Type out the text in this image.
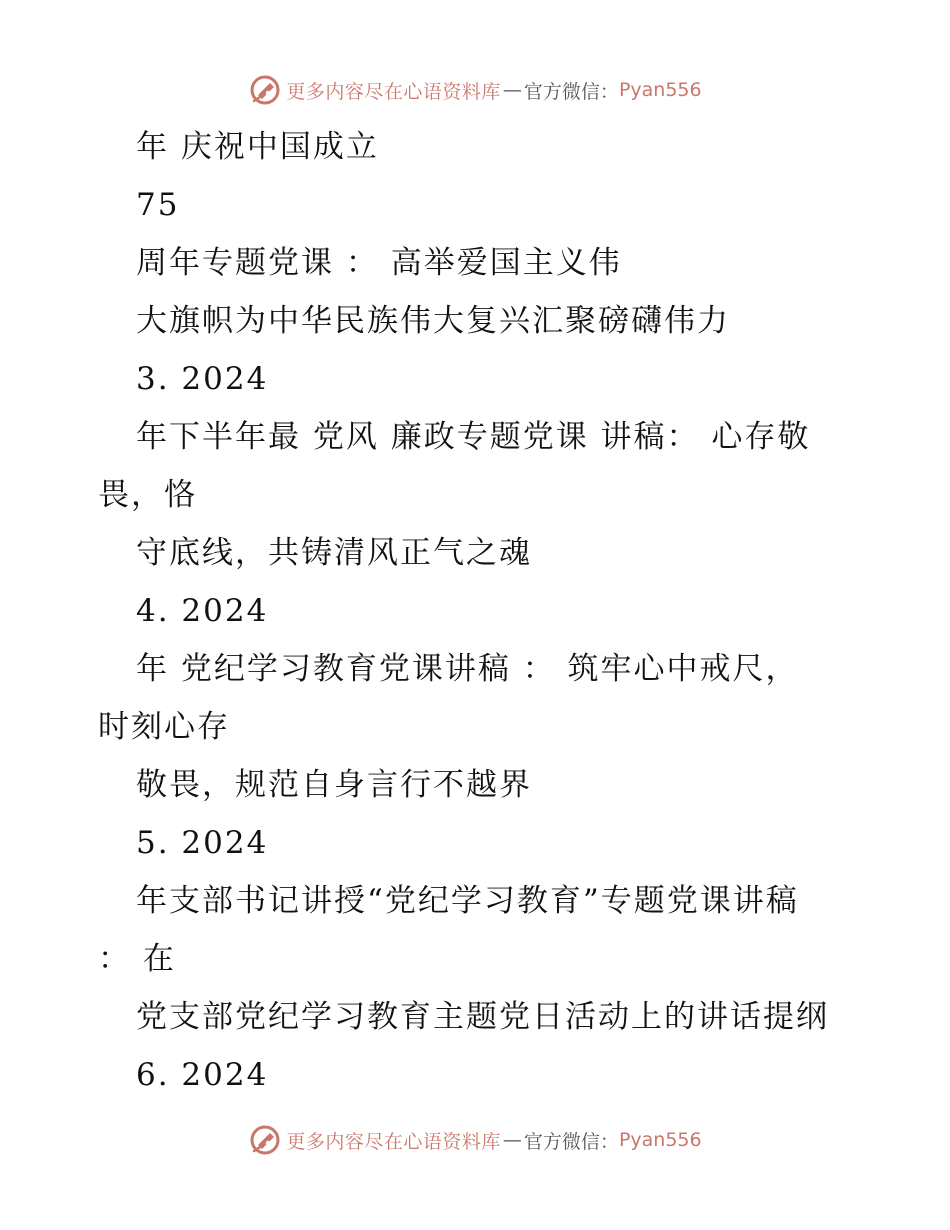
更多内容尽在心语资料库 — 官方微信： Pyan556
年 庆祝中国成立
75
周年专题党课 ： 高举爱国主义伟
大旗帜为中华民族伟大复兴汇聚磅礴伟力
3. 2024
年下半年最 党风 廉政专题党课 讲稿： 心存敬
畏，恪
守底线，共铸清风正气之魂
4. 2024
年 党纪学习教育党课讲稿 ： 筑牢心中戒尺，
时刻心存
敬畏，规范自身言行不越界
5. 2024
年支部书记讲授“党纪学习教育”专题党课讲稿
： 在
党支部党纪学习教育主题党日活动上的讲话提纲
6. 2024
更多内容尽在心语资料库 — 官方微信： Pyan556
